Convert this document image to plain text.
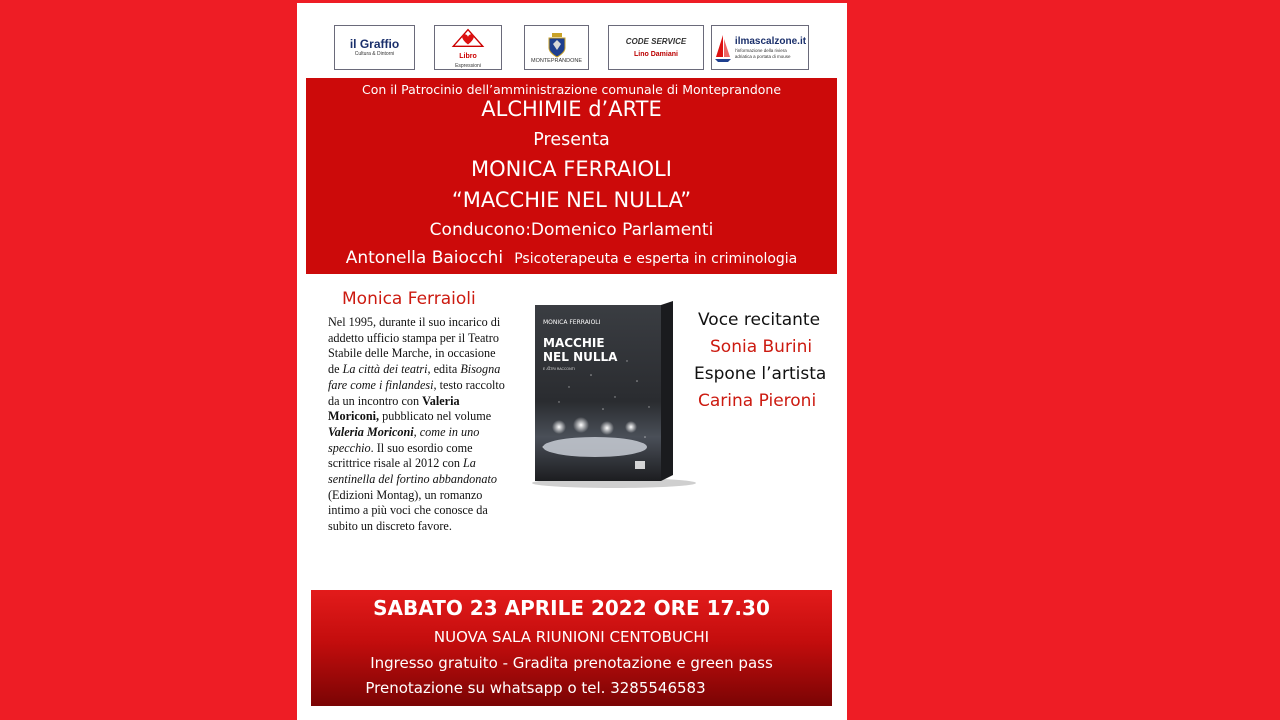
il Graffio
Cultura & Dintorni	Libro
Espressioni
MONTEPRANDONE
CODE SERVICE
Lino Damiani
ilmascalzone.it
l'informazione della riviera adriatica a portata di mouse
Con il Patrocinio dell’amministrazione comunale di Monteprandone
ALCHIMIE d’ARTE
Presenta
MONICA FERRAIOLI
“MACCHIE NEL NULLA”
Conducono:Domenico Parlamenti
Antonella Baiocchi Psicoterapeuta e esperta in criminologia
Monica Ferraioli
Nel 1995, durante il suo incarico di addetto ufficio stampa per il Teatro Stabile delle Marche, in occasione de La città dei teatri, edita Bisogna fare come i finlandesi, testo raccolto da un incontro con Valeria Moriconi, pubblicato nel volume Valeria Moriconi, come in uno specchio. Il suo esordio come scrittrice risale al 2012 con La sentinella del fortino abbandonato (Edizioni Montag), un romanzo intimo a più voci che conosce da subito un discreto favore.
MONICA FERRAIOLI
MACCHIE
NEL NULLA
E ALTRI RACCONTI
Voce recitante
Sonia Burini
Espone l’artista
Carina Pieroni
SABATO 23 APRILE 2022 ORE 17.30
NUOVA SALA RIUNIONI CENTOBUCHI
Ingresso gratuito - Gradita prenotazione e green pass
Prenotazione su whatsapp o tel. 3285546583
